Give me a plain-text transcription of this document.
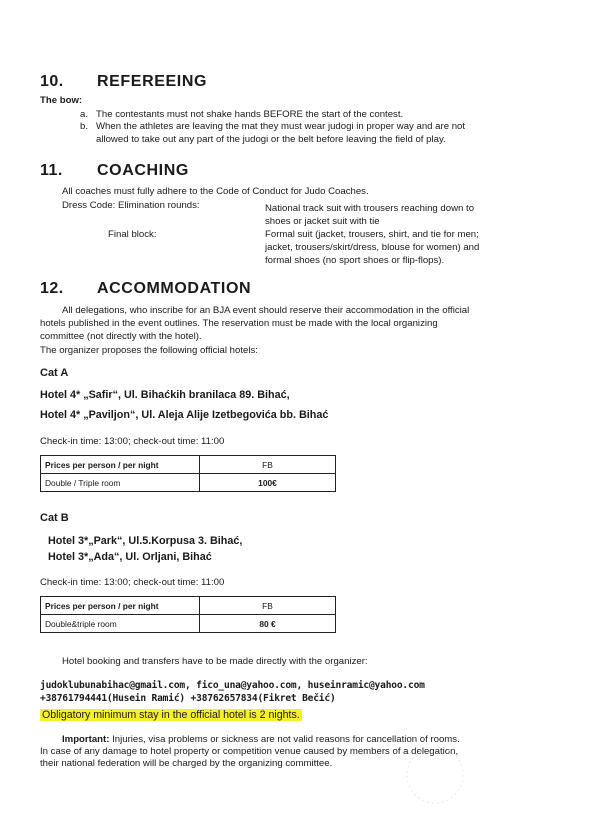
10. REFEREEING
The bow:
a. The contestants must not shake hands BEFORE the start of the contest.
b. When the athletes are leaving the mat they must wear judogi in proper way and are not
allowed to take out any part of the judogi or the belt before leaving the field of play.
11. COACHING
All coaches must fully adhere to the Code of Conduct for Judo Coaches.
Dress Code: Elimination rounds:	National track suit with trousers reaching down to
shoes or jacket suit with tie
Final block:	Formal suit (jacket, trousers, shirt, and tie for men;
jacket, trousers/skirt/dress, blouse for women) and
formal shoes (no sport shoes or flip-flops).
12. ACCOMMODATION
All delegations, who inscribe for an BJA event should reserve their accommodation in the official
hotels published in the event outlines. The reservation must be made with the local organizing
committee (not directly with the hotel).
The organizer proposes the following official hotels:
Cat A
Hotel 4* „Safir“, Ul. Bihaćkih branilaca 89. Bihać,
Hotel 4* „Paviljon“, Ul. Aleja Alije Izetbegovića bb. Bihać
Check-in time: 13:00; check-out time: 11:00
Prices per person / per night	FB
Double / Triple room	100€
Cat B
Hotel 3*„Park“, Ul.5.Korpusa 3. Bihać,
Hotel 3*„Ada“, Ul. Orljani, Bihać
Check-in time: 13:00; check-out time: 11:00
Prices per person / per night	FB
Double&triple room	80 €
Hotel booking and transfers have to be made directly with the organizer:
judoklubunabihac@gmail.com, fico_una@yahoo.com, huseinramic@yahoo.com
+38761794441(Husein Ramić) +38762657834(Fikret Bečić)
Obligatory minimum stay in the official hotel is 2 nights.
Important: Injuries, visa problems or sickness are not valid reasons for cancellation of rooms.
In case of any damage to hotel property or competition venue caused by members of a delegation,
their national federation will be charged by the organizing committee.
